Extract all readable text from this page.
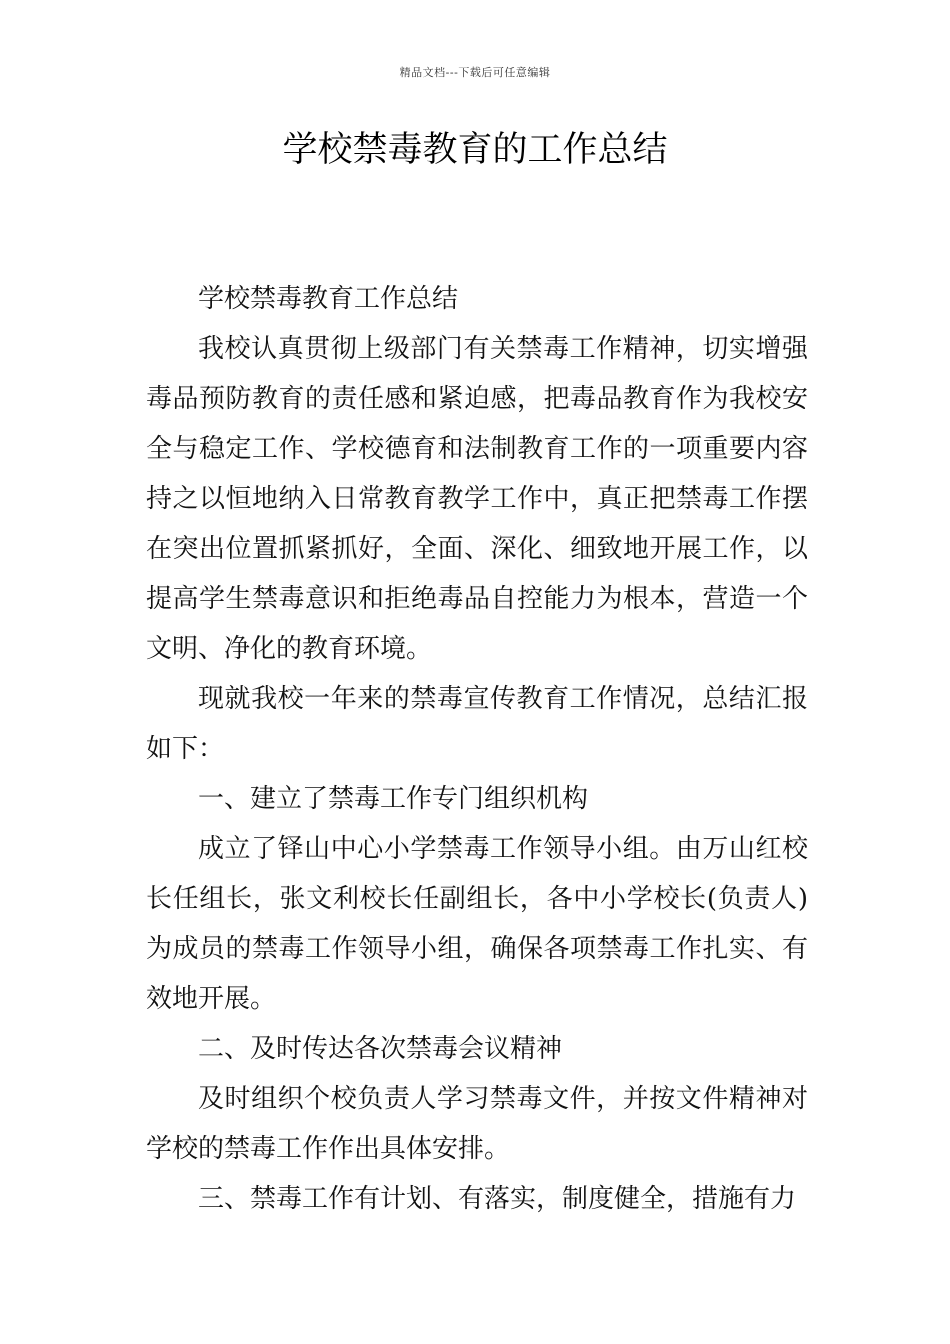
精品文档---下载后可任意编辑
学校禁毒教育的工作总结

学校禁毒教育工作总结

我校认真贯彻上级部门有关禁毒工作精神，切实增强毒品预防教育的责任感和紧迫感，把毒品教育作为我校安全与稳定工作、学校德育和法制教育工作的一项重要内容持之以恒地纳入日常教育教学工作中，真正把禁毒工作摆在突出位置抓紧抓好，全面、深化、细致地开展工作，以提高学生禁毒意识和拒绝毒品自控能力为根本，营造一个文明、净化的教育环境。

现就我校一年来的禁毒宣传教育工作情况，总结汇报如下：

一、建立了禁毒工作专门组织机构

成立了铎山中心小学禁毒工作领导小组。由万山红校长任组长，张文利校长任副组长，各中小学校长(负责人)为成员的禁毒工作领导小组，确保各项禁毒工作扎实、有效地开展。

二、及时传达各次禁毒会议精神

及时组织个校负责人学习禁毒文件，并按文件精神对学校的禁毒工作作出具体安排。

三、禁毒工作有计划、有落实，制度健全，措施有力
